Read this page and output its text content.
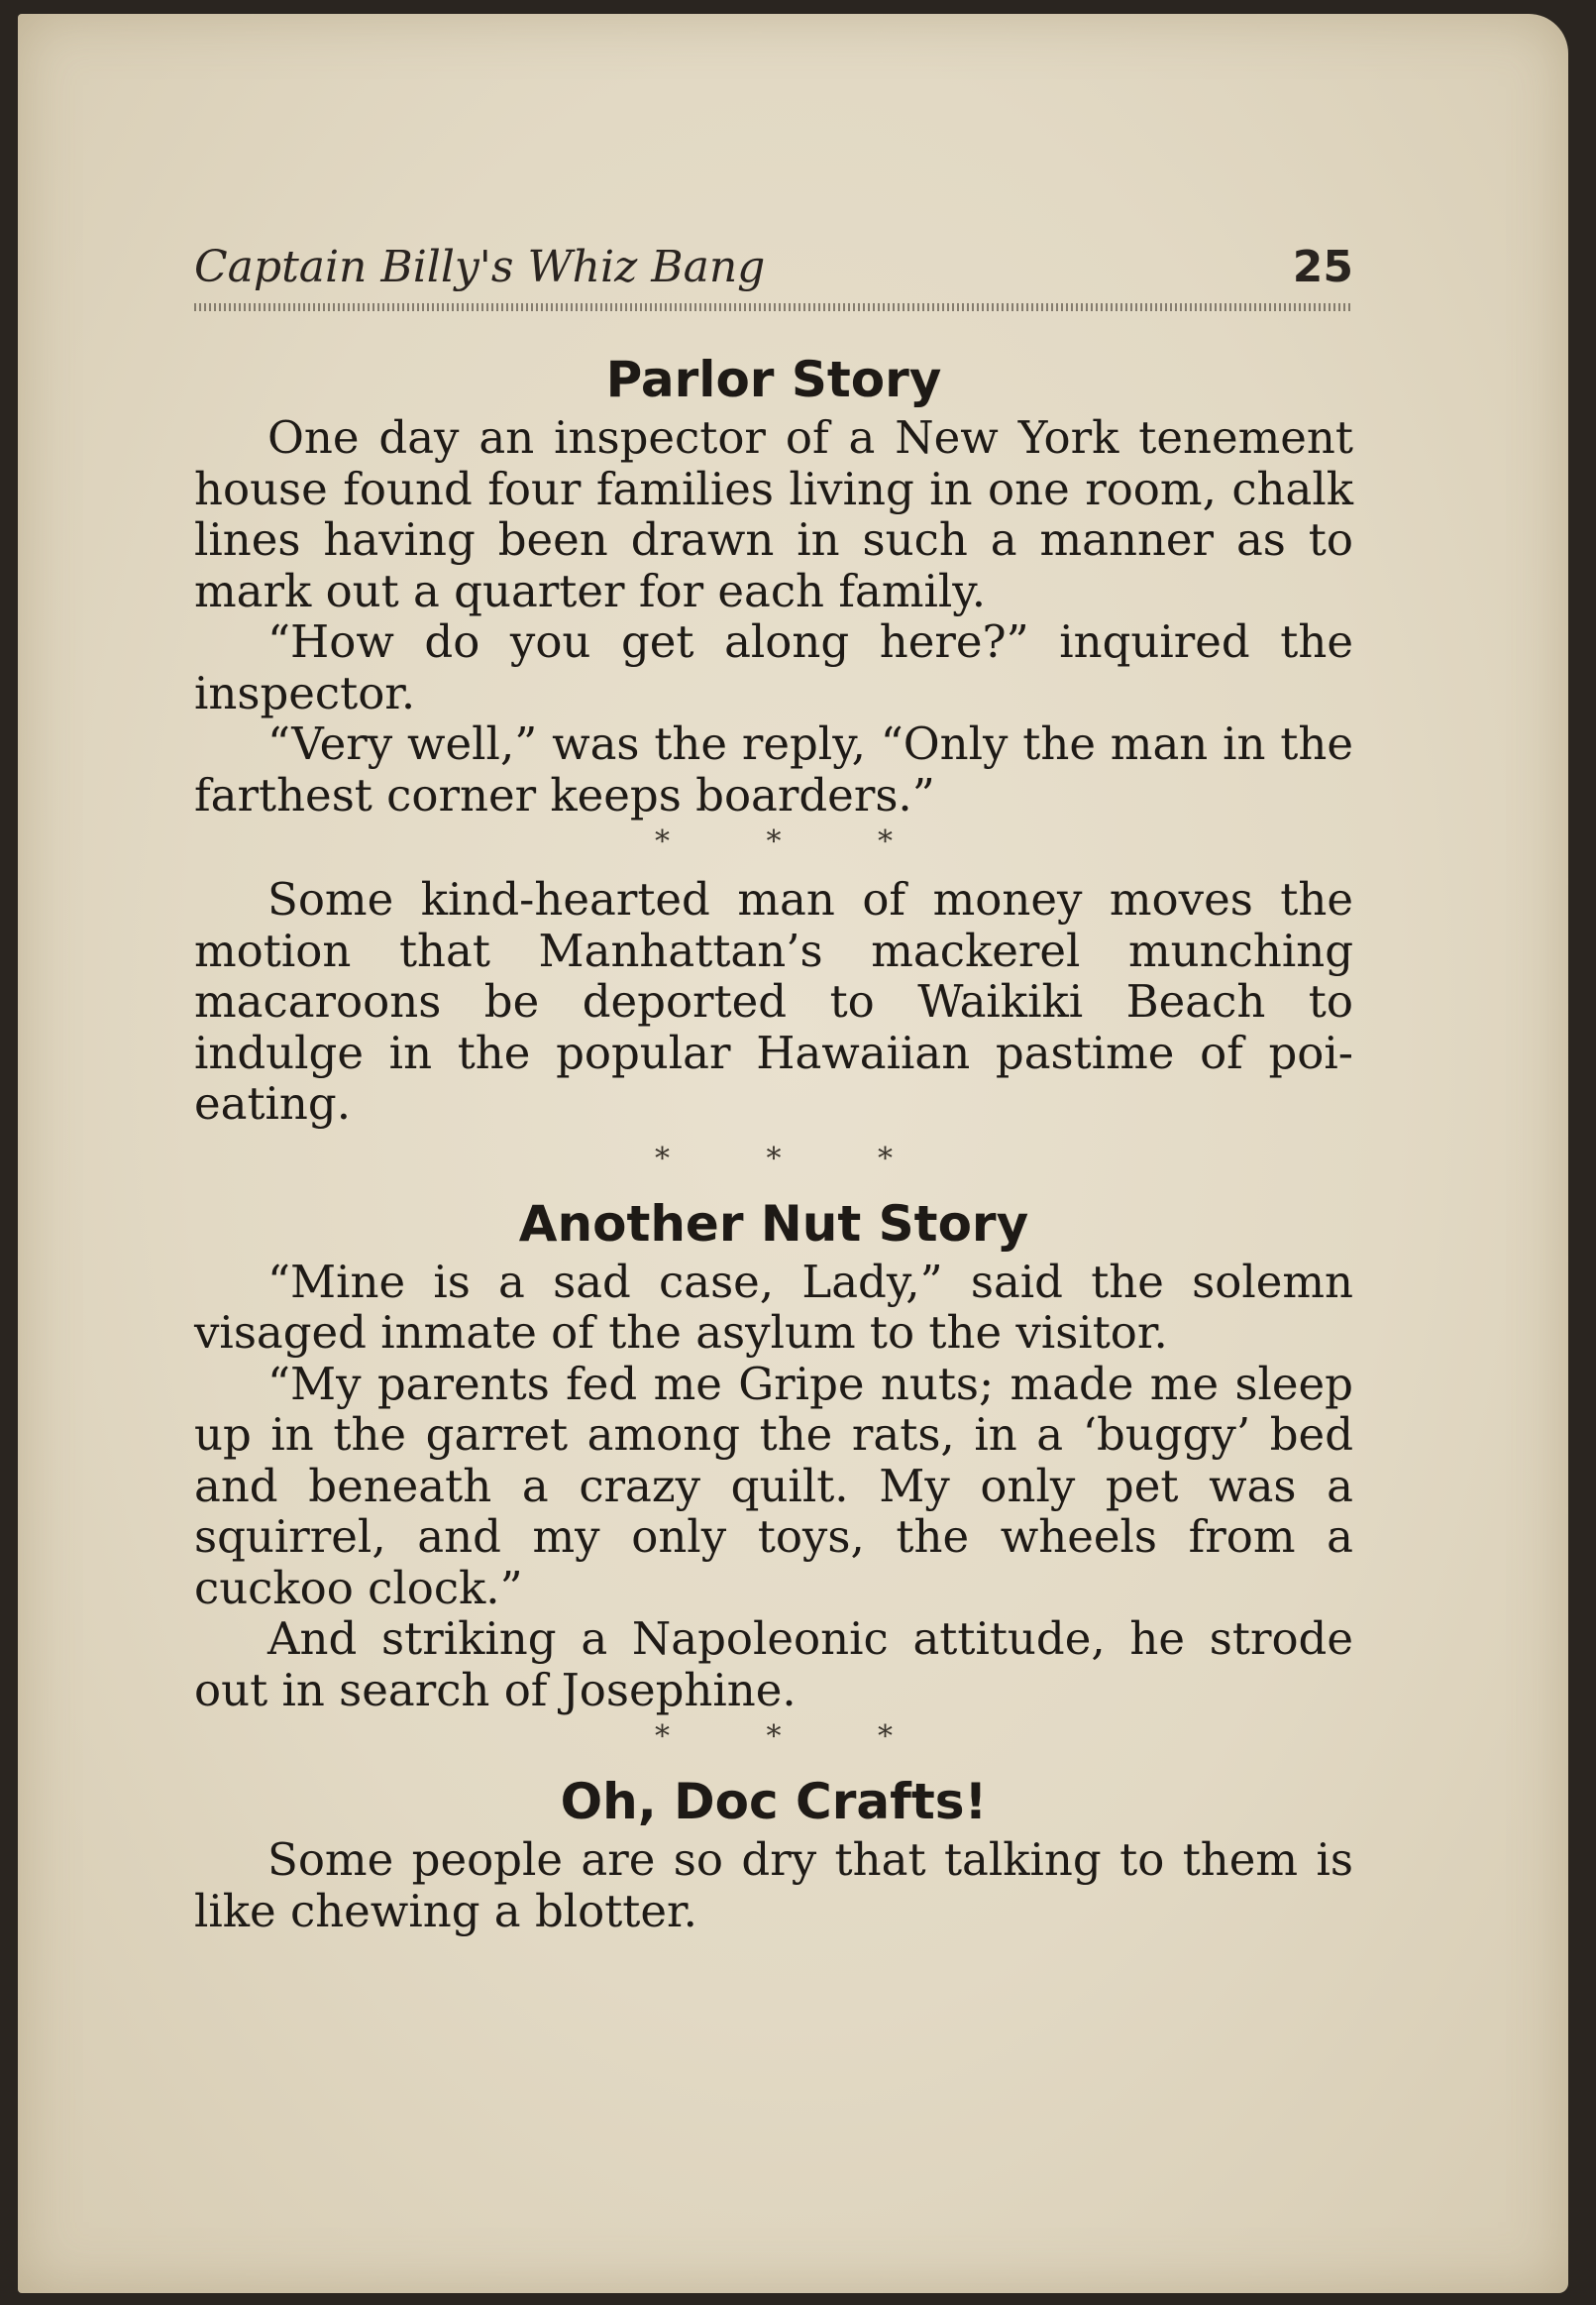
Captain Billy's Whiz Bang	25
Parlor Story

One day an inspector of a New York tenement house found four families living in one room, chalk lines having been drawn in such a manner as to mark out a quarter for each family.

“How do you get along here?” inquired the inspector.

“Very well,” was the reply, “Only the man in the farthest corner keeps boarders.”

* * *

Some kind-hearted man of money moves the motion that Manhattan’s mackerel munching macaroons be deported to Waikiki Beach to indulge in the popular Hawaiian pastime of poi-eating.

* * *
Another Nut Story

“Mine is a sad case, Lady,” said the solemn visaged inmate of the asylum to the visitor.

“My parents fed me Gripe nuts; made me sleep up in the garret among the rats, in a ‘buggy’ bed and beneath a crazy quilt. My only pet was a squirrel, and my only toys, the wheels from a cuckoo clock.”

And striking a Napoleonic attitude, he strode out in search of Josephine.

* * *
Oh, Doc Crafts!

Some people are so dry that talking to them is like chewing a blotter.
